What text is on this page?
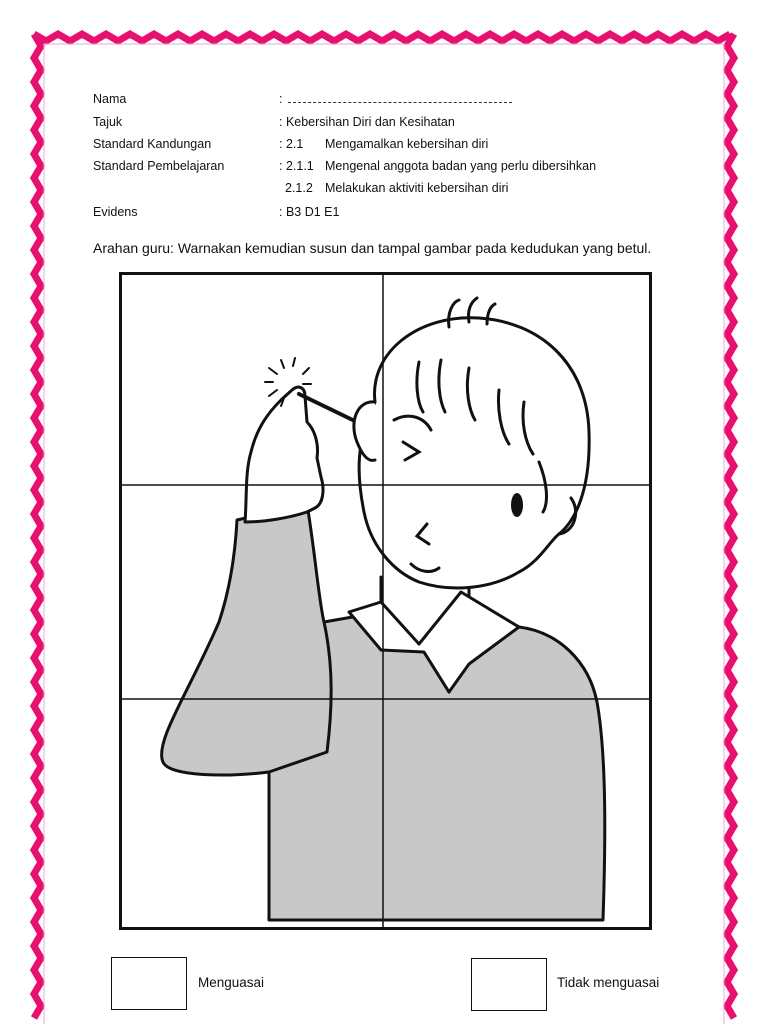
Nama	:
Tajuk	: Kebersihan Diri dan Kesihatan
Standard Kandungan	: 2.1 Mengamalkan kebersihan diri
Standard Pembelajaran	: 2.1.1 Mengenal anggota badan yang perlu dibersihkan
2.1.2 Melakukan aktiviti kebersihan diri
Evidens	: B3 D1 E1
Arahan guru: Warnakan kemudian susun dan tampal gambar pada kedudukan yang betul.
Menguasai	Tidak menguasai
